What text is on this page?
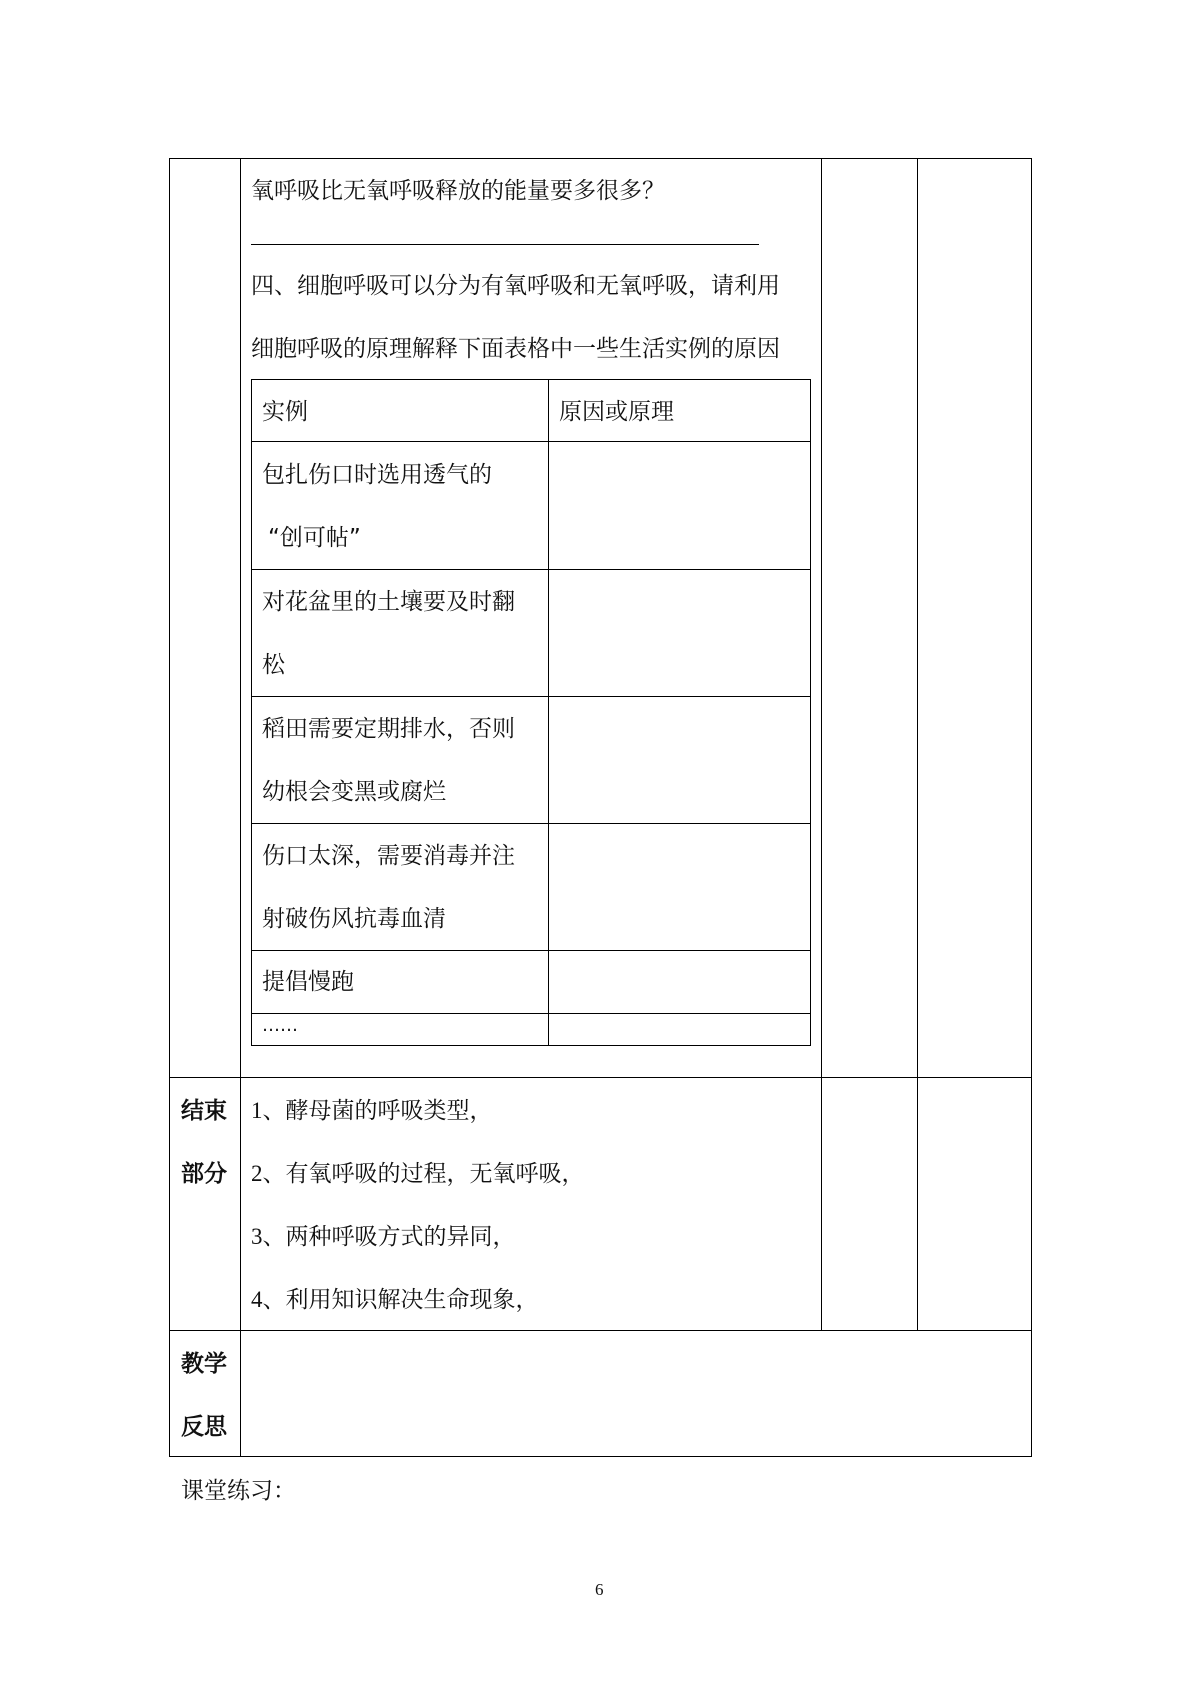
氧呼吸比无氧呼吸释放的能量要多很多？
四、细胞呼吸可以分为有氧呼吸和无氧呼吸，请利用
细胞呼吸的原理解释下面表格中一些生活实例的原因
实例	原因或原理
包扎伤口时选用透气的
“创可帖”
对花盆里的土壤要及时翻
松
稻田需要定期排水，否则
幼根会变黑或腐烂
伤口太深，需要消毒并注
射破伤风抗毒血清
提倡慢跑
……
结束
部分
1、酵母菌的呼吸类型，
2、有氧呼吸的过程，无氧呼吸，
3、两种呼吸方式的异同，
4、利用知识解决生命现象，
教学
反思
课堂练习：
6
